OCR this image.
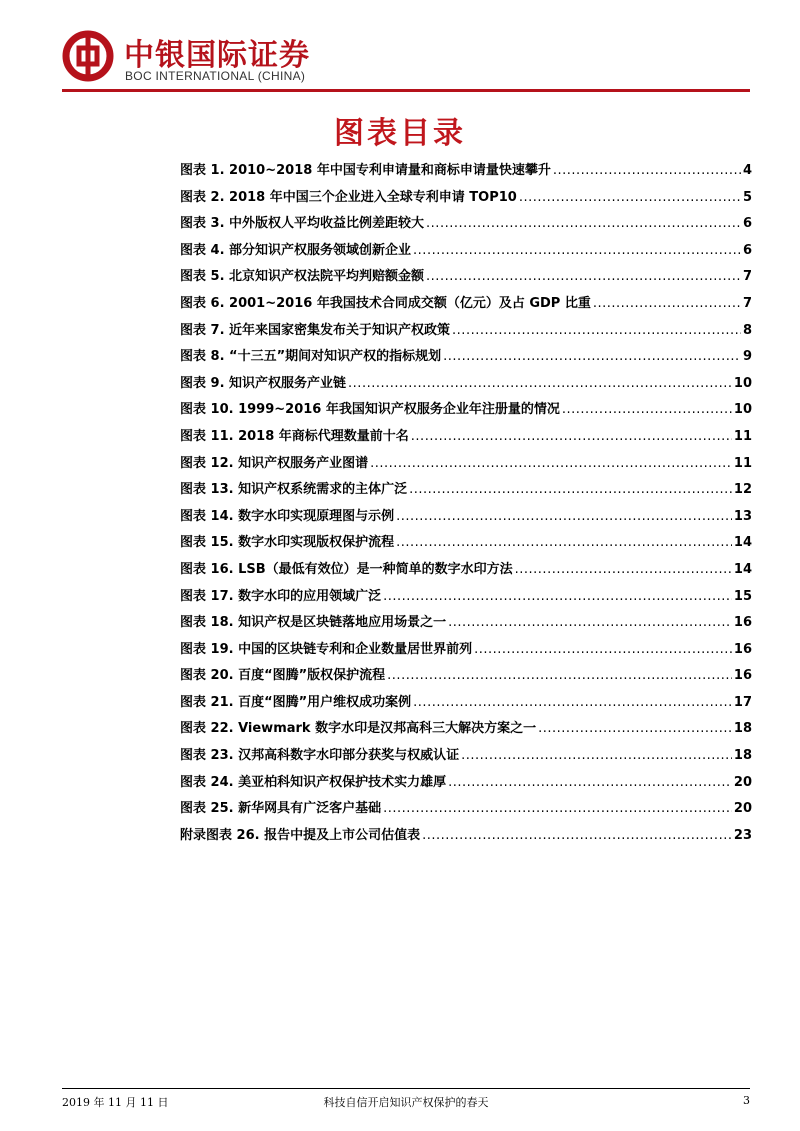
中银国际证券
BOC INTERNATIONAL (CHINA)
图表目录
图表 1. 2010~2018 年中国专利申请量和商标申请量快速攀升 .....	4
图表 2. 2018 年中国三个企业进入全球专利申请 TOP10 .....	5
图表 3. 中外版权人平均收益比例差距较大 .....	6
图表 4. 部分知识产权服务领域创新企业 .....	6
图表 5. 北京知识产权法院平均判赔额金额 .....	7
图表 6. 2001~2016 年我国技术合同成交额（亿元）及占 GDP 比重 .....	7
图表 7. 近年来国家密集发布关于知识产权政策 .....	8
图表 8. “十三五”期间对知识产权的指标规划 .....	9
图表 9. 知识产权服务产业链 .....	10
图表 10. 1999~2016 年我国知识产权服务企业年注册量的情况 .....	10
图表 11. 2018 年商标代理数量前十名 .....	11
图表 12. 知识产权服务产业图谱 .....	11
图表 13. 知识产权系统需求的主体广泛 .....	12
图表 14. 数字水印实现原理图与示例 .....	13
图表 15. 数字水印实现版权保护流程 .....	14
图表 16. LSB（最低有效位）是一种简单的数字水印方法 .....	14
图表 17. 数字水印的应用领域广泛 .....	15
图表 18. 知识产权是区块链落地应用场景之一 .....	16
图表 19. 中国的区块链专利和企业数量居世界前列 .....	16
图表 20. 百度“图腾”版权保护流程 .....	16
图表 21. 百度“图腾”用户维权成功案例 .....	17
图表 22. Viewmark 数字水印是汉邦高科三大解决方案之一 .....	18
图表 23. 汉邦高科数字水印部分获奖与权威认证 .....	18
图表 24. 美亚柏科知识产权保护技术实力雄厚 .....	20
图表 25. 新华网具有广泛客户基础 .....	20
附录图表 26. 报告中提及上市公司估值表 .....	23
2019 年 11 月 11 日	科技自信开启知识产权保护的春天	3
